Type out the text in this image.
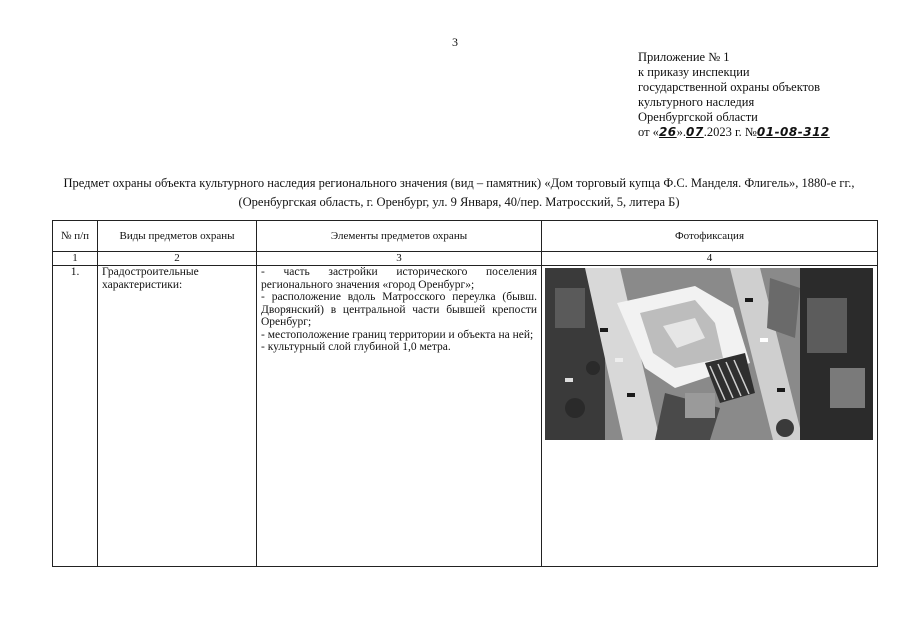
3
Приложение № 1
к приказу инспекции
государственной охраны объектов
культурного наследия
Оренбургской области
от «26».07.2023 г. №01-08-312
Предмет охраны объекта культурного наследия регионального значения (вид – памятник) «Дом торговый купца Ф.С. Манделя. Флигель», 1880-е гг., (Оренбургская область, г. Оренбург, ул. 9 Января, 40/пер. Матросский, 5, литера Б)
№ п/п	Виды предметов охраны	Элементы предметов охраны	Фотофиксация
1	2	3	4
1.	Градостроительные характеристики:	- часть застройки исторического поселения регионального значения «город Оренбург»;
- расположение вдоль Матросского переулка (бывш. Дворянский) в центральной части бывшей крепости Оренбург;
- местоположение границ территории и объекта на ней;
- культурный слой глубиной 1,0 метра.
